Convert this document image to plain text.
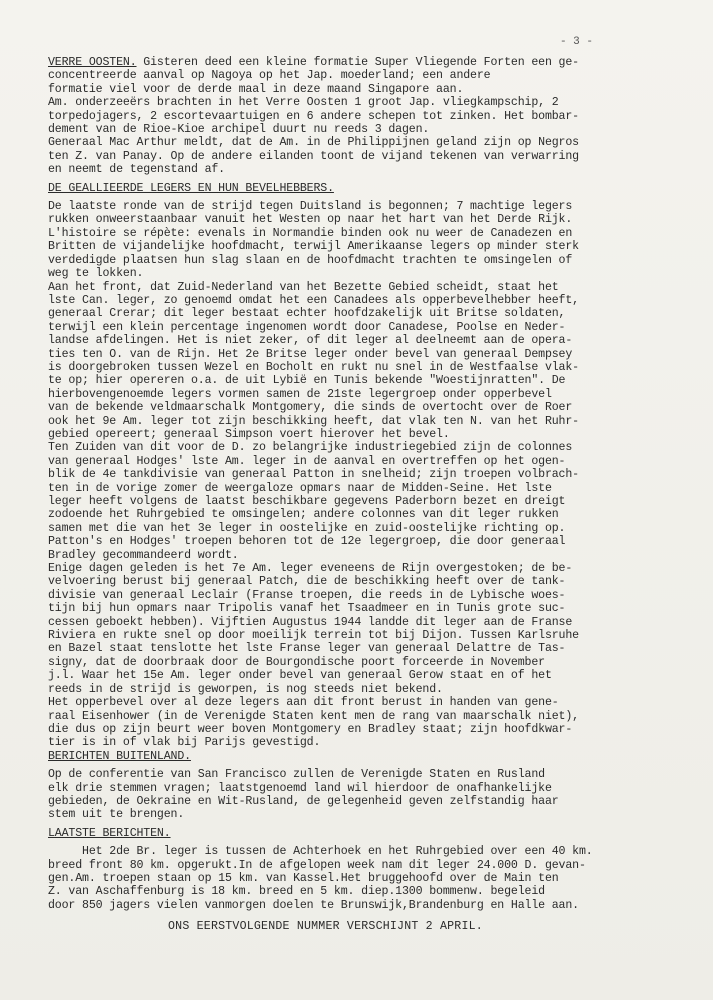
- 3 -
VERRE OOSTEN. Gisteren deed een kleine formatie Super Vliegende Forten een ge-
concentreerde aanval op Nagoya op het Jap. moederland; een andere
formatie viel voor de derde maal in deze maand Singapore aan.
Am. onderzeeërs brachten in het Verre Oosten 1 groot Jap. vliegkampschip, 2
torpedojagers, 2 escortevaartuigen en 6 andere schepen tot zinken. Het bombar-
dement van de Rioe-Kioe archipel duurt nu reeds 3 dagen.
Generaal Mac Arthur meldt, dat de Am. in de Philippijnen geland zijn op Negros
ten Z. van Panay. Op de andere eilanden toont de vijand tekenen van verwarring
en neemt de tegenstand af.
DE GEALLIEERDE LEGERS EN HUN BEVELHEBBERS.
De laatste ronde van de strijd tegen Duitsland is begonnen; 7 machtige legers
rukken onweerstaanbaar vanuit het Westen op naar het hart van het Derde Rijk.
L'histoire se répète: evenals in Normandie binden ook nu weer de Canadezen en
Britten de vijandelijke hoofdmacht, terwijl Amerikaanse legers op minder sterk
verdedigde plaatsen hun slag slaan en de hoofdmacht trachten te omsingelen of
weg te lokken.
Aan het front, dat Zuid-Nederland van het Bezette Gebied scheidt, staat het
lste Can. leger, zo genoemd omdat het een Canadees als opperbevelhebber heeft,
generaal Crerar; dit leger bestaat echter hoofdzakelijk uit Britse soldaten,
terwijl een klein percentage ingenomen wordt door Canadese, Poolse en Neder-
landse afdelingen. Het is niet zeker, of dit leger al deelneemt aan de opera-
ties ten O. van de Rijn. Het 2e Britse leger onder bevel van generaal Dempsey
is doorgebroken tussen Wezel en Bocholt en rukt nu snel in de Westfaalse vlak-
te op; hier opereren o.a. de uit Lybië en Tunis bekende "Woestijnratten". De
hierbovengenoemde legers vormen samen de 21ste legergroep onder opperbevel
van de bekende veldmaarschalk Montgomery, die sinds de overtocht over de Roer
ook het 9e Am. leger tot zijn beschikking heeft, dat vlak ten N. van het Ruhr-
gebied opereert; generaal Simpson voert hierover het bevel.
Ten Zuiden van dit voor de D. zo belangrijke industriegebied zijn de colonnes
van generaal Hodges' lste Am. leger in de aanval en overtreffen op het ogen-
blik de 4e tankdivisie van generaal Patton in snelheid; zijn troepen volbrach-
ten in de vorige zomer de weergaloze opmars naar de Midden-Seine. Het lste
leger heeft volgens de laatst beschikbare gegevens Paderborn bezet en dreigt
zodoende het Ruhrgebied te omsingelen; andere colonnes van dit leger rukken
samen met die van het 3e leger in oostelijke en zuid-oostelijke richting op.
Patton's en Hodges' troepen behoren tot de 12e legergroep, die door generaal
Bradley gecommandeerd wordt.
Enige dagen geleden is het 7e Am. leger eveneens de Rijn overgestoken; de be-
velvoering berust bij generaal Patch, die de beschikking heeft over de tank-
divisie van generaal Leclair (Franse troepen, die reeds in de Lybische woes-
tijn bij hun opmars naar Tripolis vanaf het Tsaadmeer en in Tunis grote suc-
cessen geboekt hebben). Vijftien Augustus 1944 landde dit leger aan de Franse
Riviera en rukte snel op door moeilijk terrein tot bij Dijon. Tussen Karlsruhe
en Bazel staat tenslotte het lste Franse leger van generaal Delattre de Tas-
signy, dat de doorbraak door de Bourgondische poort forceerde in November
j.l. Waar het 15e Am. leger onder bevel van generaal Gerow staat en of het
reeds in de strijd is geworpen, is nog steeds niet bekend.
Het opperbevel over al deze legers aan dit front berust in handen van gene-
raal Eisenhower (in de Verenigde Staten kent men de rang van maarschalk niet),
die dus op zijn beurt weer boven Montgomery en Bradley staat; zijn hoofdkwar-
tier is in of vlak bij Parijs gevestigd.
BERICHTEN BUITENLAND.
Op de conferentie van San Francisco zullen de Verenigde Staten en Rusland
elk drie stemmen vragen; laatstgenoemd land wil hierdoor de onafhankelijke
gebieden, de Oekraine en Wit-Rusland, de gelegenheid geven zelfstandig haar
stem uit te brengen.
LAATSTE BERICHTEN.
Het 2de Br. leger is tussen de Achterhoek en het Ruhrgebied over een 40 km.
breed front 80 km. opgerukt.In de afgelopen week nam dit leger 24.000 D. gevan-
gen.Am. troepen staan op 15 km. van Kassel.Het bruggehoofd over de Main ten
Z. van Aschaffenburg is 18 km. breed en 5 km. diep.1300 bommenw. begeleid
door 850 jagers vielen vanmorgen doelen te Brunswijk,Brandenburg en Halle aan.
ONS EERSTVOLGENDE NUMMER VERSCHIJNT 2 APRIL.
